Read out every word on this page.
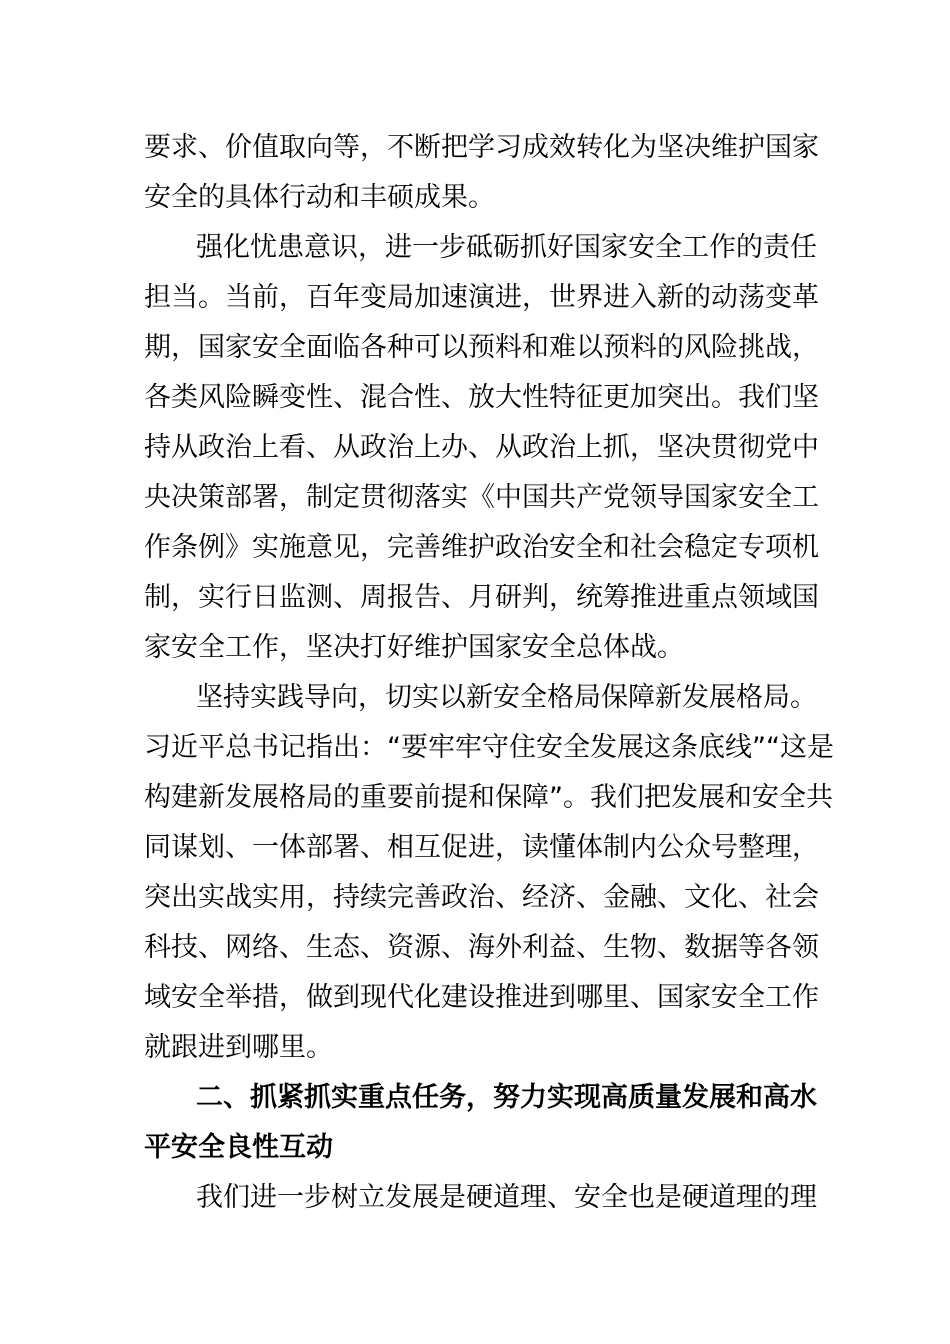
要求、价值取向等，不断把学习成效转化为坚决维护国家
安全的具体行动和丰硕成果。
强化忧患意识，进一步砥砺抓好国家安全工作的责任
担当。当前，百年变局加速演进，世界进入新的动荡变革
期，国家安全面临各种可以预料和难以预料的风险挑战，
各类风险瞬变性、混合性、放大性特征更加突出。我们坚
持从政治上看、从政治上办、从政治上抓，坚决贯彻党中
央决策部署，制定贯彻落实《中国共产党领导国家安全工
作条例》实施意见，完善维护政治安全和社会稳定专项机
制，实行日监测、周报告、月研判，统筹推进重点领域国
家安全工作，坚决打好维护国家安全总体战。
坚持实践导向，切实以新安全格局保障新发展格局。
习近平总书记指出：“要牢牢守住安全发展这条底线”“这是
构建新发展格局的重要前提和保障”。我们把发展和安全共
同谋划、一体部署、相互促进，读懂体制内公众号整理，
突出实战实用，持续完善政治、经济、金融、文化、社会
科技、网络、生态、资源、海外利益、生物、数据等各领
域安全举措，做到现代化建设推进到哪里、国家安全工作
就跟进到哪里。
二、抓紧抓实重点任务，努力实现高质量发展和高水
平安全良性互动
我们进一步树立发展是硬道理、安全也是硬道理的理
